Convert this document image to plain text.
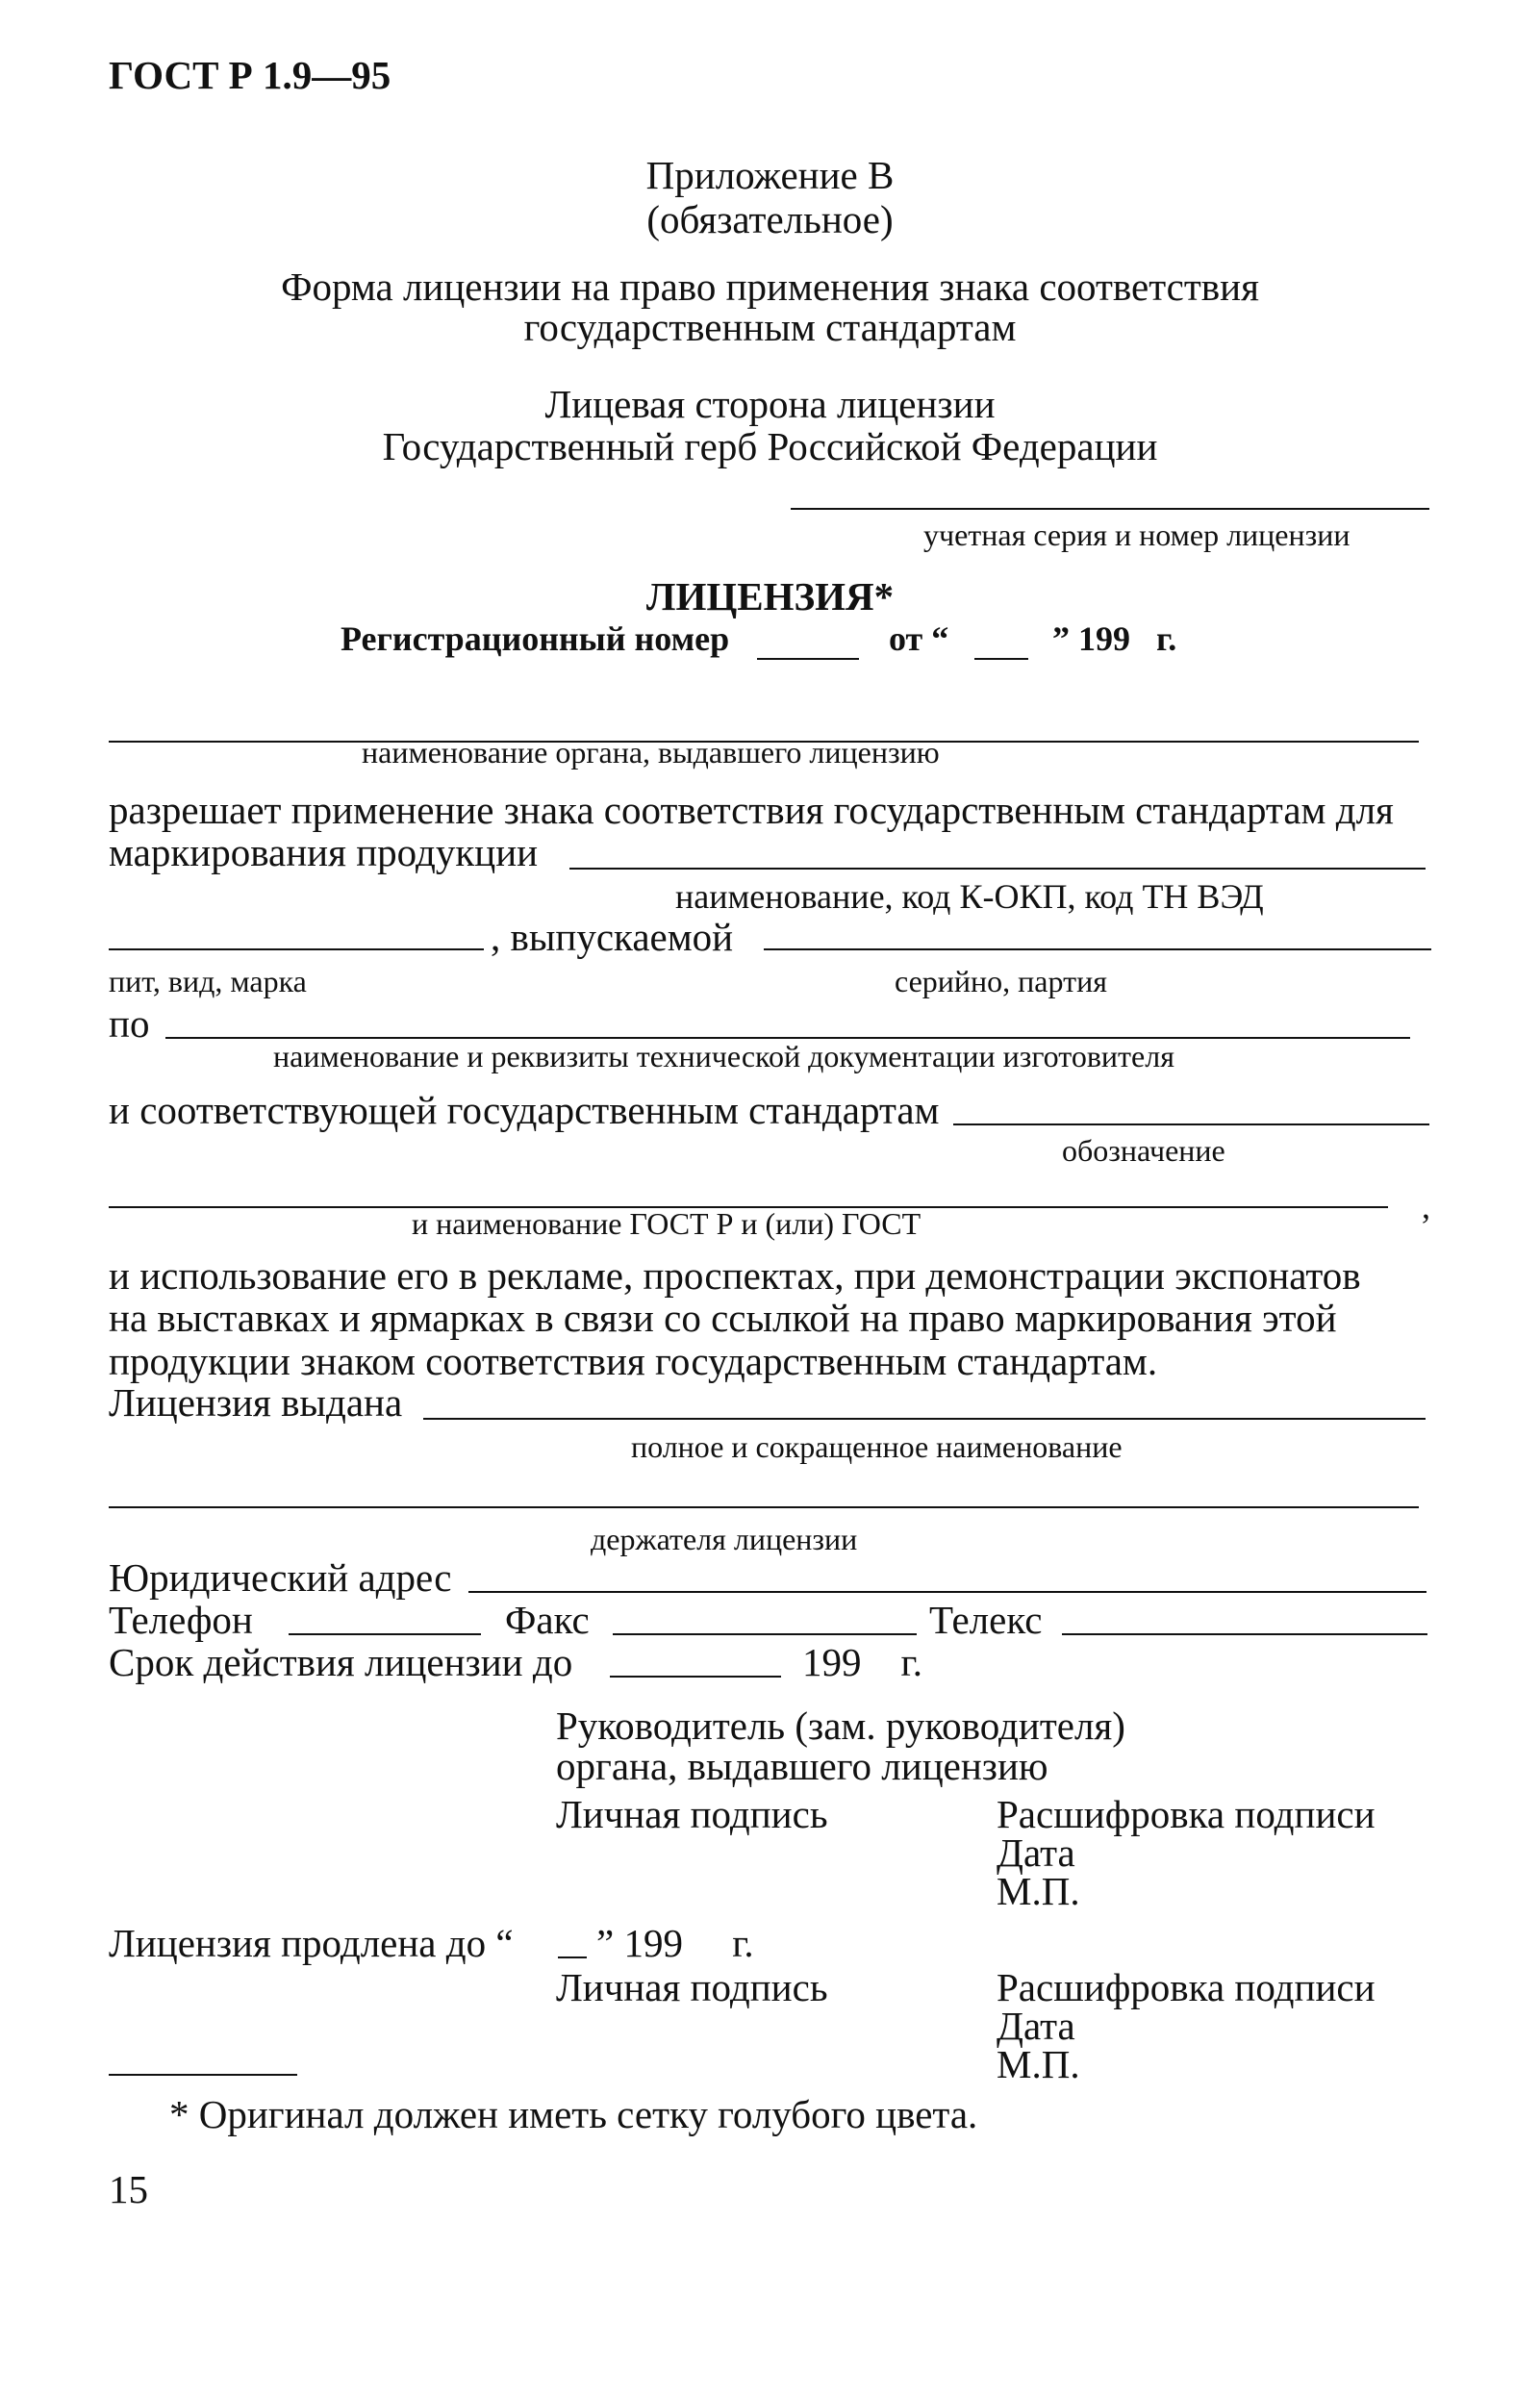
ГОСТ Р 1.9—95
Приложение В
(обязательное)
Форма лицензии на право применения знака соответствия
государственным стандартам
Лицевая сторона лицензии
Государственный герб Российской Федерации
учетная серия и номер лицензии
ЛИЦЕНЗИЯ*
Регистрационный номер	от “	” 199   г.
наименование органа, выдавшего лицензию
разрешает применение знака соответствия государственным стандартам для
маркирования продукции
наименование, код К-ОКП, код ТН ВЭД
, выпускаемой
пит, вид, марка	серийно, партия
по
наименование и реквизиты технической документации изготовителя
и соответствующей государственным стандартам
обозначение
,
и наименование ГОСТ Р и (или) ГОСТ
и использование его в рекламе, проспектах, при демонстрации экспонатов
на выставках и ярмарках в связи со ссылкой на право маркирования этой
продукции знаком соответствия государственным стандартам.
Лицензия выдана
полное и сокращенное наименование
держателя лицензии
Юридический адрес
Телефон	Факс	Телекс
Срок действия лицензии до	199    г.
Руководитель (зам. руководителя)
органа, выдавшего лицензию
Личная подпись	Расшифровка подписи
Дата
М.П.
Лицензия продлена до “ ” 199     г.
Личная подпись	Расшифровка подписи
Дата
М.П.
* Оригинал должен иметь сетку голубого цвета.
15
